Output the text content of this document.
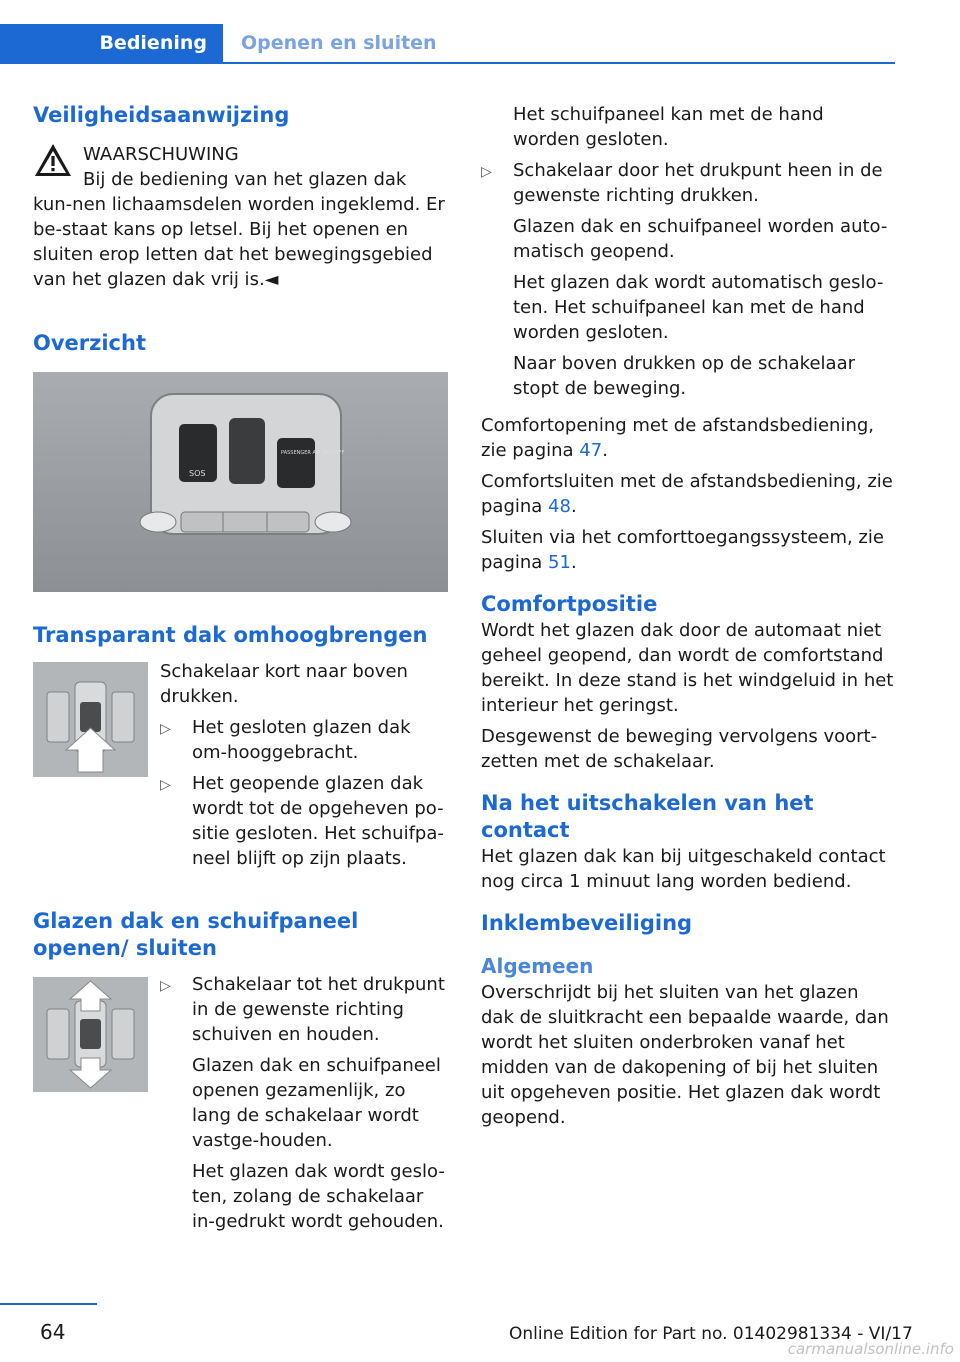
Bediening	Openen en sluiten
Veiligheidsaanwijzing
WAARSCHUWING
Bij de bediening van het glazen dak kun-nen lichaamsdelen worden ingeklemd. Er be-staat kans op letsel. Bij het openen en sluiten erop letten dat het bewegingsgebied van het glazen dak vrij is.◄
Overzicht
SOS
PASSENGER AIR BAG OFF
Transparant dak omhoogbrengen

Schakelaar kort naar boven drukken.

▷ Het gesloten glazen dak om-hooggebracht.
▷ Het geopende glazen dak wordt tot de opgeheven po-sitie gesloten. Het schuifpa-neel blijft op zijn plaats.
Glazen dak en schuifpaneel openen/ sluiten
▷ Schakelaar tot het drukpunt in de gewenste richting schuiven en houden.

Glazen dak en schuifpaneel openen gezamenlijk, zo lang de schakelaar wordt vastge-houden.

Het glazen dak wordt geslo-ten, zolang de schakelaar in-gedrukt wordt gehouden.

Het schuifpaneel kan met de hand worden gesloten.

▷ Schakelaar door het drukpunt heen in de gewenste richting drukken.

Glazen dak en schuifpaneel worden auto-matisch geopend.

Het glazen dak wordt automatisch geslo-ten. Het schuifpaneel kan met de hand worden gesloten.

Naar boven drukken op de schakelaar stopt de beweging.

Comfortopening met de afstandsbediening, zie pagina 47.

Comfortsluiten met de afstandsbediening, zie pagina 48.

Sluiten via het comforttoegangssysteem, zie pagina 51.

Comfortpositie

Wordt het glazen dak door de automaat niet geheel geopend, dan wordt de comfortstand bereikt. In deze stand is het windgeluid in het interieur het geringst.

Desgewenst de beweging vervolgens voort-zetten met de schakelaar.

Na het uitschakelen van het contact

Het glazen dak kan bij uitgeschakeld contact nog circa 1 minuut lang worden bediend.

Inklembeveiliging
Algemeen

Overschrijdt bij het sluiten van het glazen dak de sluitkracht een bepaalde waarde, dan wordt het sluiten onderbroken vanaf het midden van de dakopening of bij het sluiten uit opgeheven positie. Het glazen dak wordt geopend.

64	Online Edition for Part no. 01402981334 - VI/17
carmanualsonline.info
